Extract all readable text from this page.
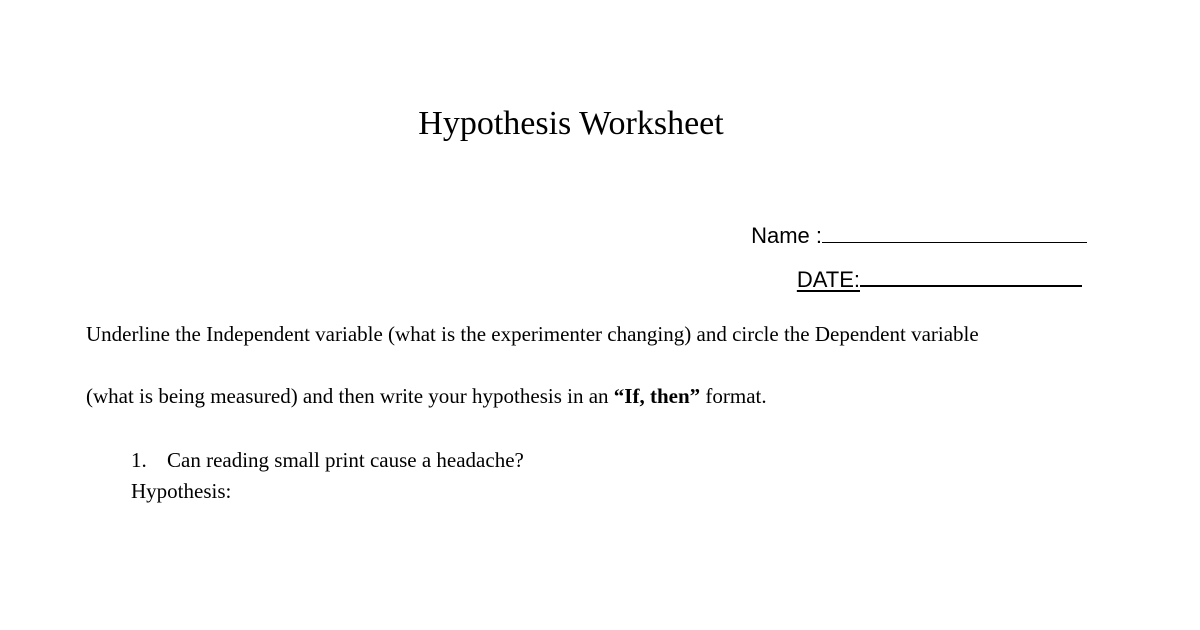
Hypothesis Worksheet
Name :
DATE:
Underline the Independent variable (what is the experimenter changing) and circle the Dependent variable
(what is being measured) and then write your hypothesis in an “If, then” format.
1. Can reading small print cause a headache?
Hypothesis:
